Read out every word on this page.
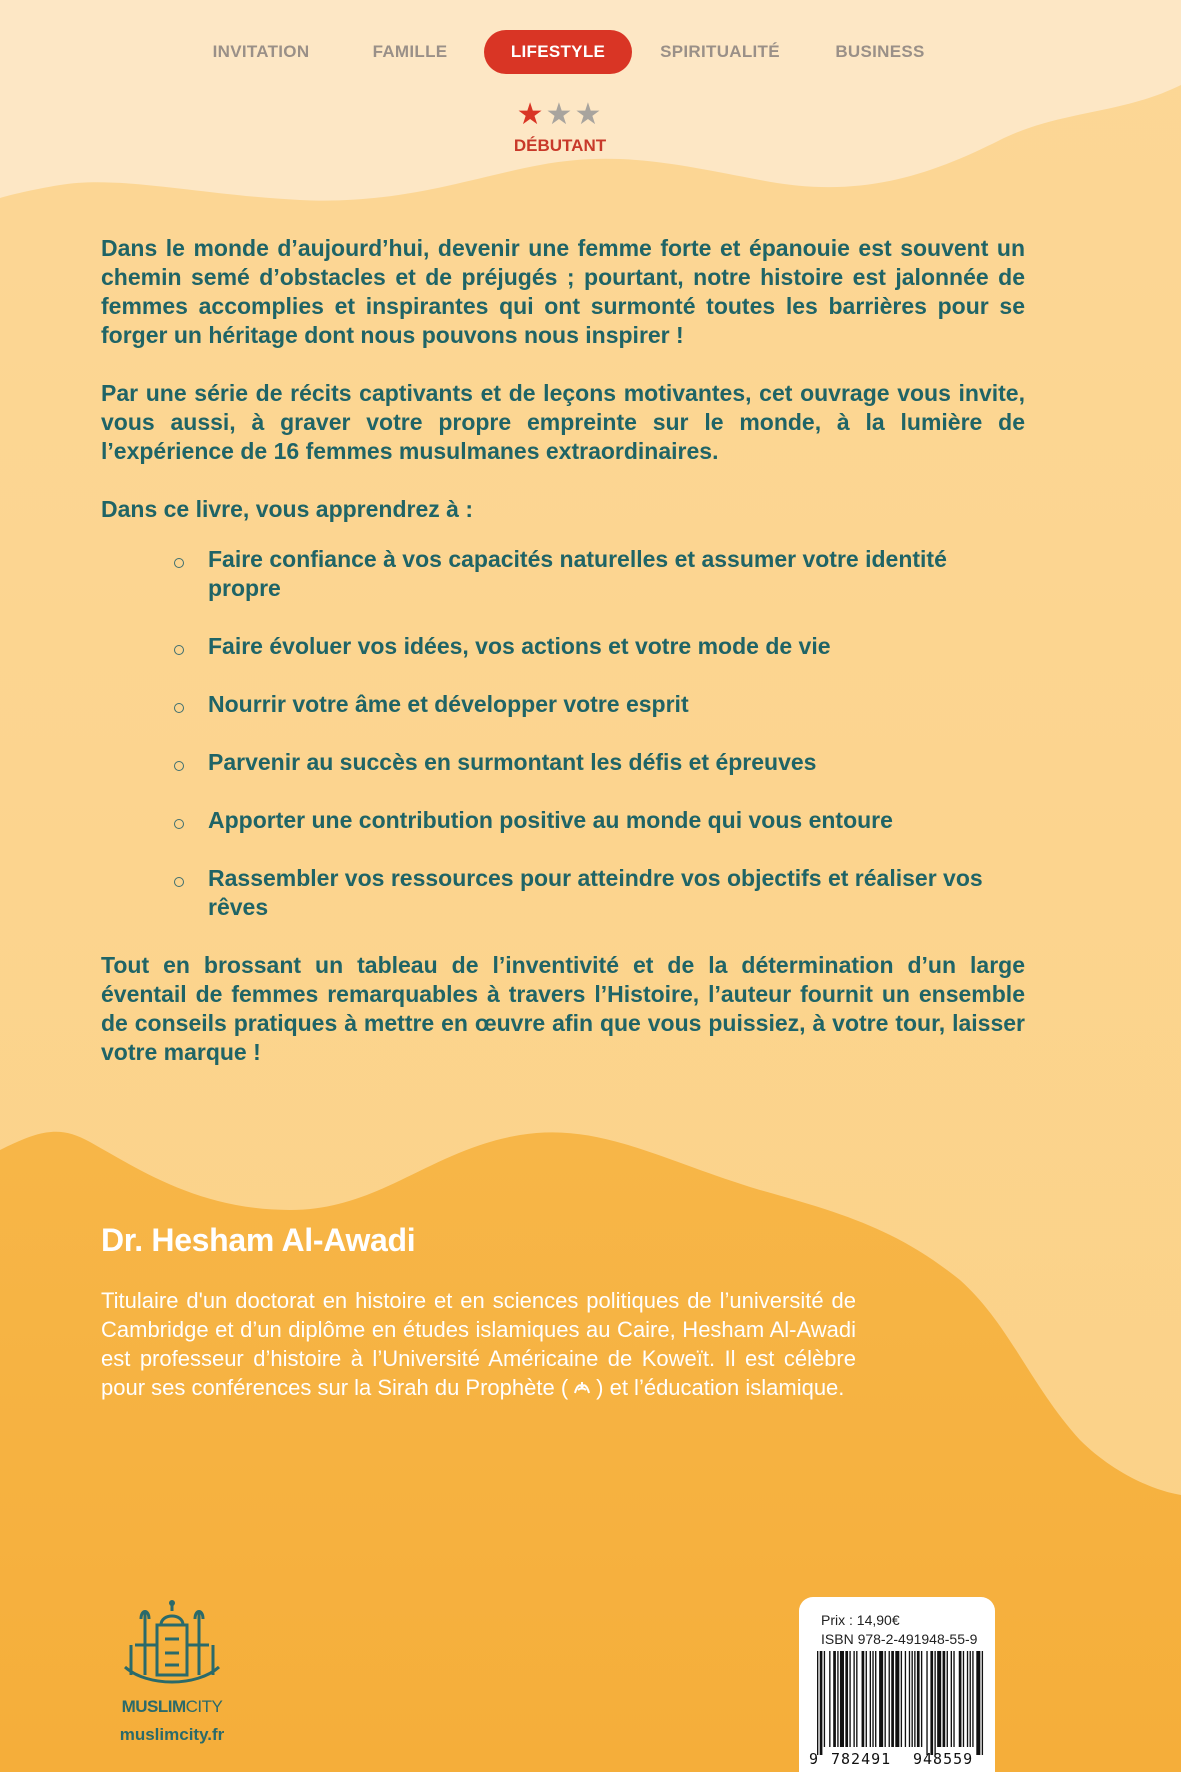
INVITATION	FAMILLE	LIFESTYLE	SPIRITUALITÉ	BUSINESS
★★★
DÉBUTANT

Dans le monde d’aujourd’hui, devenir une femme forte et épanouie est souvent un chemin semé d’obstacles et de préjugés ; pourtant, notre histoire est jalonnée de femmes accomplies et inspirantes qui ont surmonté toutes les barrières pour se forger un héritage dont nous pouvons nous inspirer !

Par une série de récits captivants et de leçons motivantes, cet ouvrage vous invite, vous aussi, à graver votre propre empreinte sur le monde, à la lumière de l’expérience de 16 femmes musulmanes extraordinaires.

Dans ce livre, vous apprendrez à :

Faire confiance à vos capacités naturelles et assumer votre identité propre
Faire évoluer vos idées, vos actions et votre mode de vie
Nourrir votre âme et développer votre esprit
Parvenir au succès en surmontant les défis et épreuves
Apporter une contribution positive au monde qui vous entoure
Rassembler vos ressources pour atteindre vos objectifs et réaliser vos rêves

Tout en brossant un tableau de l’inventivité et de la détermination d’un large éventail de femmes remarquables à travers l’Histoire, l’auteur fournit un ensemble de conseils pratiques à mettre en œuvre afin que vous puissiez, à votre tour, laisser votre marque !

Dr. Hesham Al-Awadi
Titulaire d'un doctorat en histoire et en sciences politiques de l’université de Cambridge et d’un diplôme en études islamiques au Caire, Hesham Al-Awadi est professeur d’histoire à l’Université Américaine de Koweït. Il est célèbre pour ses conférences sur la Sirah du Prophète ( ) et l’éducation islamique.
MUSLIMCITY
muslimcity.fr
Prix : 14,90€
ISBN 978-2-491948-55-9
9 782491 948559
